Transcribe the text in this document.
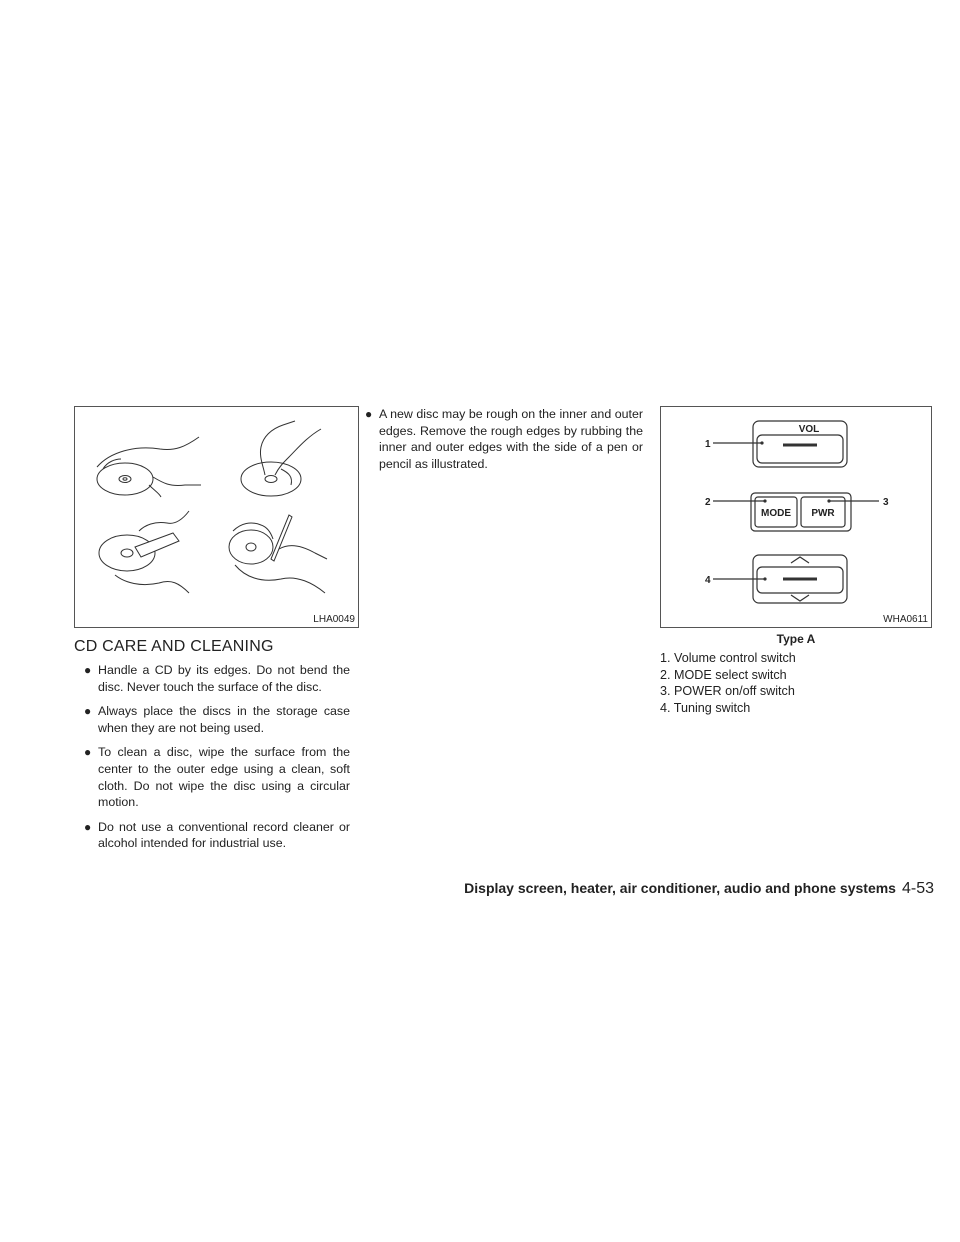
LHA0049
CD CARE AND CLEANING
● Handle a CD by its edges. Do not bend the disc. Never touch the surface of the disc.
● Always place the discs in the storage case when they are not being used.
● To clean a disc, wipe the surface from the center to the outer edge using a clean, soft cloth. Do not wipe the disc using a circular motion.
● Do not use a conventional record cleaner or alcohol intended for industrial use.
● A new disc may be rough on the inner and outer edges. Remove the rough edges by rubbing the inner and outer edges with the side of a pen or pencil as illustrated.
VOL
MODE PWR
1
2	3
4
WHA0611
Type A
1. Volume control switch
2. MODE select switch
3. POWER on/off switch
4. Tuning switch
Display screen, heater, air conditioner, audio and phone systems 4-53
